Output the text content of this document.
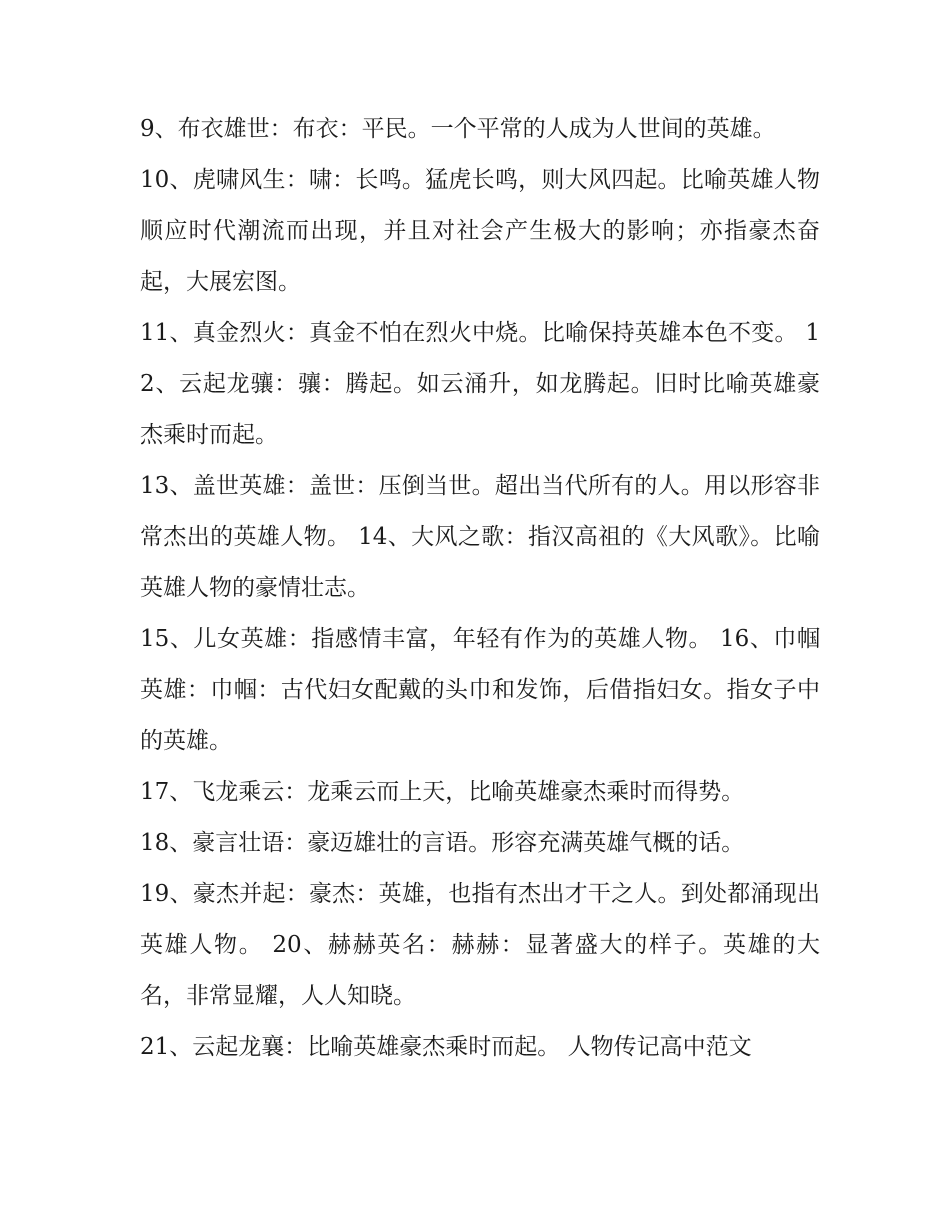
9、布衣雄世：布衣：平民。一个平常的人成为人世间的英雄。

10、虎啸风生：啸：长鸣。猛虎长鸣，则大风四起。比喻英雄人物顺应时代潮流而出现，并且对社会产生极大的影响；亦指豪杰奋起，大展宏图。

11、真金烈火：真金不怕在烈火中烧。比喻保持英雄本色不变。 12、云起龙骧：骧：腾起。如云涌升，如龙腾起。旧时比喻英雄豪杰乘时而起。

13、盖世英雄：盖世：压倒当世。超出当代所有的人。用以形容非常杰出的英雄人物。 14、大风之歌：指汉高祖的《大风歌》。比喻英雄人物的豪情壮志。

15、儿女英雄：指感情丰富，年轻有作为的英雄人物。 16、巾帼英雄：巾帼：古代妇女配戴的头巾和发饰，后借指妇女。指女子中的英雄。

17、飞龙乘云：龙乘云而上天，比喻英雄豪杰乘时而得势。

18、豪言壮语：豪迈雄壮的言语。形容充满英雄气概的话。

19、豪杰并起：豪杰：英雄，也指有杰出才干之人。到处都涌现出英雄人物。 20、赫赫英名：赫赫：显著盛大的样子。英雄的大名，非常显耀，人人知晓。

21、云起龙襄：比喻英雄豪杰乘时而起。 人物传记高中范文
